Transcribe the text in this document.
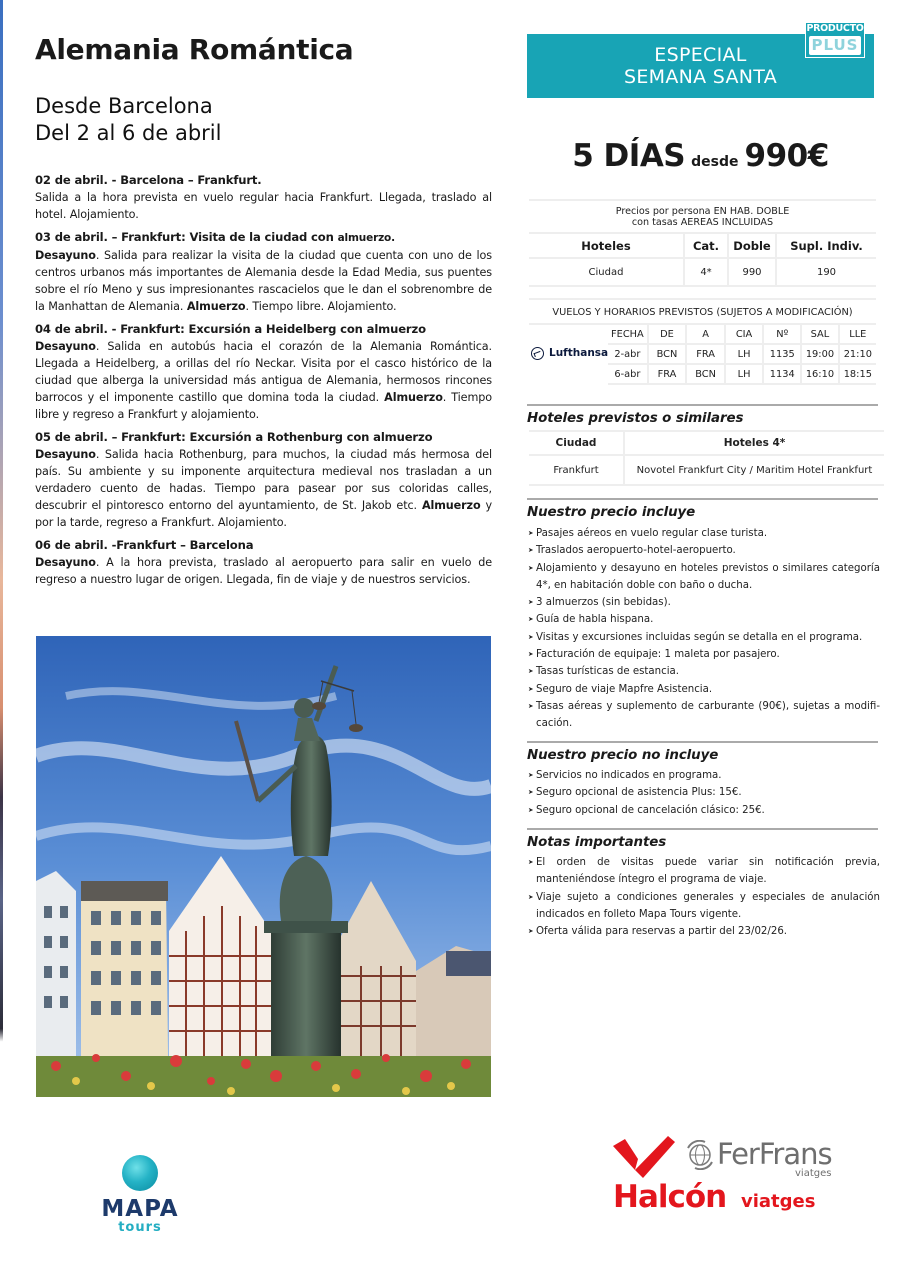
Alemania Romántica
Desde Barcelona
Del 2 al 6 de abril
02 de abril. - Barcelona – Frankfurt.
Salida a la hora prevista en vuelo regular hacia Frankfurt. Llegada, traslado al hotel. Alojamiento.
03 de abril. – Frankfurt: Visita de la ciudad con almuerzo.
Desayuno. Salida para realizar la visita de la ciudad que cuenta con uno de los centros urbanos más importantes de Alemania desde la Edad Media, sus puentes sobre el río Meno y sus impresionantes rascacielos que le dan el sobrenombre de la Manhattan de Alemania. Almuerzo. Tiempo libre. Alojamiento.
04 de abril. - Frankfurt: Excursión a Heidelberg con almuerzo
Desayuno. Salida en autobús hacia el corazón de la Alemania Romántica. Llegada a Heidelberg, a orillas del río Neckar. Visita por el casco histórico de la ciudad que alberga la universidad más antigua de Alemania, hermosos rincones barrocos y el imponente castillo que domina toda la ciudad. Almuerzo. Tiempo libre y regreso a Frankfurt y alojamiento.
05 de abril. – Frankfurt: Excursión a Rothenburg con almuerzo
Desayuno. Salida hacia Rothenburg, para muchos, la ciudad más hermosa del país. Su ambiente y su imponente arquitectura medieval nos trasladan a un verdadero cuento de hadas. Tiempo para pasear por sus coloridas calles, descubrir el pintoresco entorno del ayuntamiento, de St. Jakob etc. Almuerzo y por la tarde, regreso a Frankfurt. Alojamiento.
06 de abril. -Frankfurt – Barcelona
Desayuno. A la hora prevista, traslado al aeropuerto para salir en vuelo de regreso a nuestro lugar de origen. Llegada, fin de viaje y de nuestros servicios.
MAPA
tours
ESPECIAL
SEMANA SANTA
PRODUCTO
PLUS
5 DÍAS desde 990€
Precios por persona EN HAB. DOBLE
con tasas AEREAS INCLUIDAS
Hoteles	Cat.	Doble	Supl. Indiv.
Ciudad	4*	990	190
VUELOS Y HORARIOS PREVISTOS (SUJETOS A MODIFICACIÓN)
Lufthansa	FECHA	DE	A	CIA	Nº	SAL	LLE
	2-abr	BCN	FRA	LH	1135	19:00	21:10
	6-abr	FRA	BCN	LH	1134	16:10	18:15
Hoteles previstos o similares
Ciudad	Hoteles 4*
Frankfurt	Novotel Frankfurt City / Maritim Hotel Frankfurt
Nuestro precio incluye
➤ Pasajes aéreos en vuelo regular clase turista.
➤ Traslados aeropuerto-hotel-aeropuerto.
➤ Alojamiento y desayuno en hoteles previstos o similares categoría 4*, en habitación doble con baño o ducha.
➤ 3 almuerzos (sin bebidas).
➤ Guía de habla hispana.
➤ Visitas y excursiones incluidas según se detalla en el programa.
➤ Facturación de equipaje: 1 maleta por pasajero.
➤ Tasas turísticas de estancia.
➤ Seguro de viaje Mapfre Asistencia.
➤ Tasas aéreas y suplemento de carburante (90€), sujetas a modificación.
Nuestro precio no incluye
➤ Servicios no indicados en programa.
➤ Seguro opcional de asistencia Plus: 15€.
➤ Seguro opcional de cancelación clásico: 25€.
Notas importantes
➤ El orden de visitas puede variar sin notificación previa, manteniéndose íntegro el programa de viaje.
➤ Viaje sujeto a condiciones generales y especiales de anulación indicados en folleto Mapa Tours vigente.
➤ Oferta válida para reservas a partir del 23/02/26.
FerFrans
viatges
Halcón viatges
